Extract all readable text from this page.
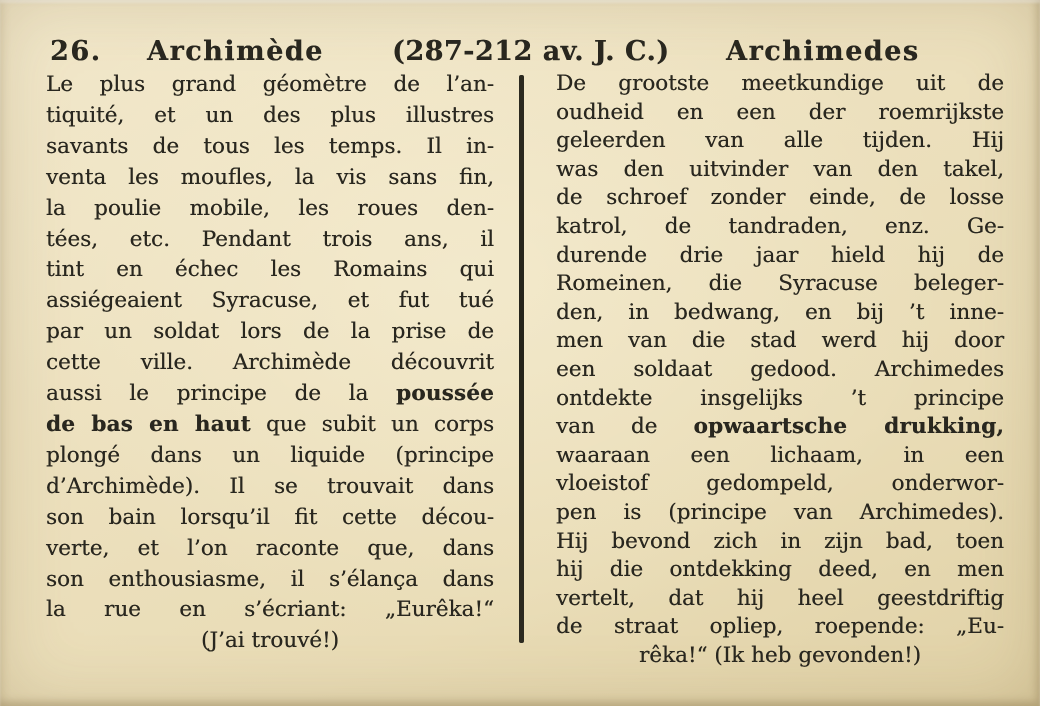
26. Archimède	(287-212 av. J. C.) Archimedes
Le plus grand géomètre de l’an-
tiquité, et un des plus illustres
savants de tous les temps. Il in-
venta les moufles, la vis sans fin,
la poulie mobile, les roues den-
tées, etc. Pendant trois ans, il
tint en échec les Romains qui
assiégeaient Syracuse, et fut tué
par un soldat lors de la prise de
cette ville. Archimède découvrit
aussi le principe de la poussée
de bas en haut que subit un corps
plongé dans un liquide (principe
d’Archimède). Il se trouvait dans
son bain lorsqu’il fit cette décou-
verte, et l’on raconte que, dans
son enthousiasme, il s’élança dans
la rue en s’écriant: „Eurêka!“
(J’ai trouvé!)
De grootste meetkundige uit de
oudheid en een der roemrijkste
geleerden van alle tijden. Hij
was den uitvinder van den takel,
de schroef zonder einde, de losse
katrol, de tandraden, enz. Ge-
durende drie jaar hield hij de
Romeinen, die Syracuse beleger-
den, in bedwang, en bij ’t inne-
men van die stad werd hij door
een soldaat gedood. Archimedes
ontdekte insgelijks ’t principe
van de opwaartsche drukking,
waaraan een lichaam, in een
vloeistof gedompeld, onderwor-
pen is (principe van Archimedes).
Hij bevond zich in zijn bad, toen
hij die ontdekking deed, en men
vertelt, dat hij heel geestdriftig
de straat opliep, roepende: „Eu-
rêka!“ (Ik heb gevonden!)
